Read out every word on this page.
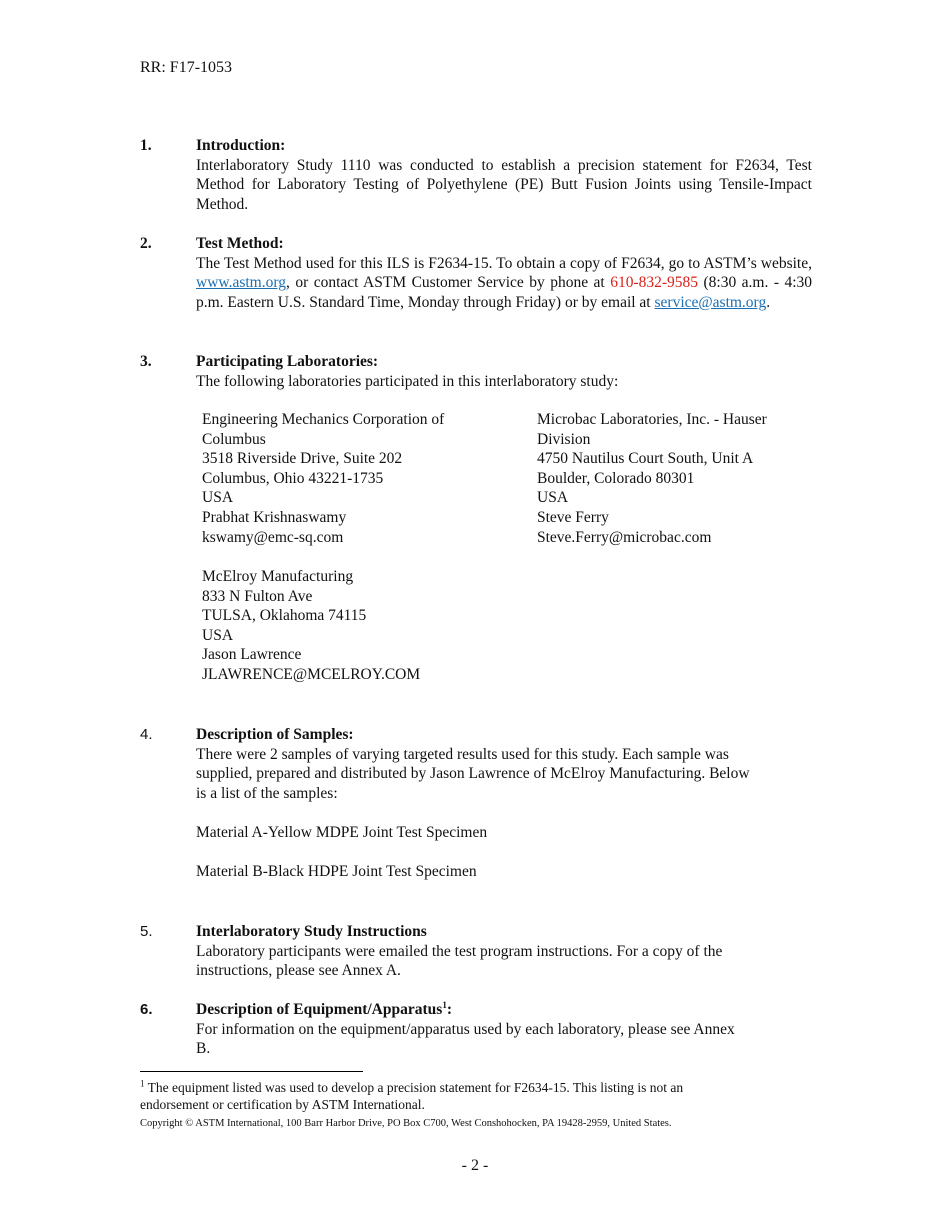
RR: F17-1053
1.	Introduction:
Interlaboratory Study 1110 was conducted to establish a precision statement for F2634, Test Method for Laboratory Testing of Polyethylene (PE) Butt Fusion Joints using Tensile-Impact Method.
2.	Test Method:
The Test Method used for this ILS is F2634-15. To obtain a copy of F2634, go to ASTM’s website, www.astm.org, or contact ASTM Customer Service by phone at 610-832-9585 (8:30 a.m. - 4:30 p.m. Eastern U.S. Standard Time, Monday through Friday) or by email at service@astm.org.
3.	Participating Laboratories:
The following laboratories participated in this interlaboratory study:
Engineering Mechanics Corporation of
Columbus
3518 Riverside Drive, Suite 202
Columbus, Ohio 43221-1735
USA
Prabhat Krishnaswamy
kswamy@emc-sq.com
Microbac Laboratories, Inc. - Hauser
Division
4750 Nautilus Court South, Unit A
Boulder, Colorado 80301
USA
Steve Ferry
Steve.Ferry@microbac.com
McElroy Manufacturing
833 N Fulton Ave
TULSA, Oklahoma 74115
USA
Jason Lawrence
JLAWRENCE@MCELROY.COM
4.	Description of Samples:
There were 2 samples of varying targeted results used for this study. Each sample was
supplied, prepared and distributed by Jason Lawrence of McElroy Manufacturing. Below
is a list of the samples:
Material A-Yellow MDPE Joint Test Specimen
Material B-Black HDPE Joint Test Specimen
5.	Interlaboratory Study Instructions
Laboratory participants were emailed the test program instructions. For a copy of the
instructions, please see Annex A.
6.	Description of Equipment/Apparatus$^1$:
For information on the equipment/apparatus used by each laboratory, please see Annex
B.
$^1$ The equipment listed was used to develop a precision statement for F2634-15. This listing is not an
endorsement or certification by ASTM International.
Copyright © ASTM International, 100 Barr Harbor Drive, PO Box C700, West Conshohocken, PA 19428-2959, United States.
- 2 -
